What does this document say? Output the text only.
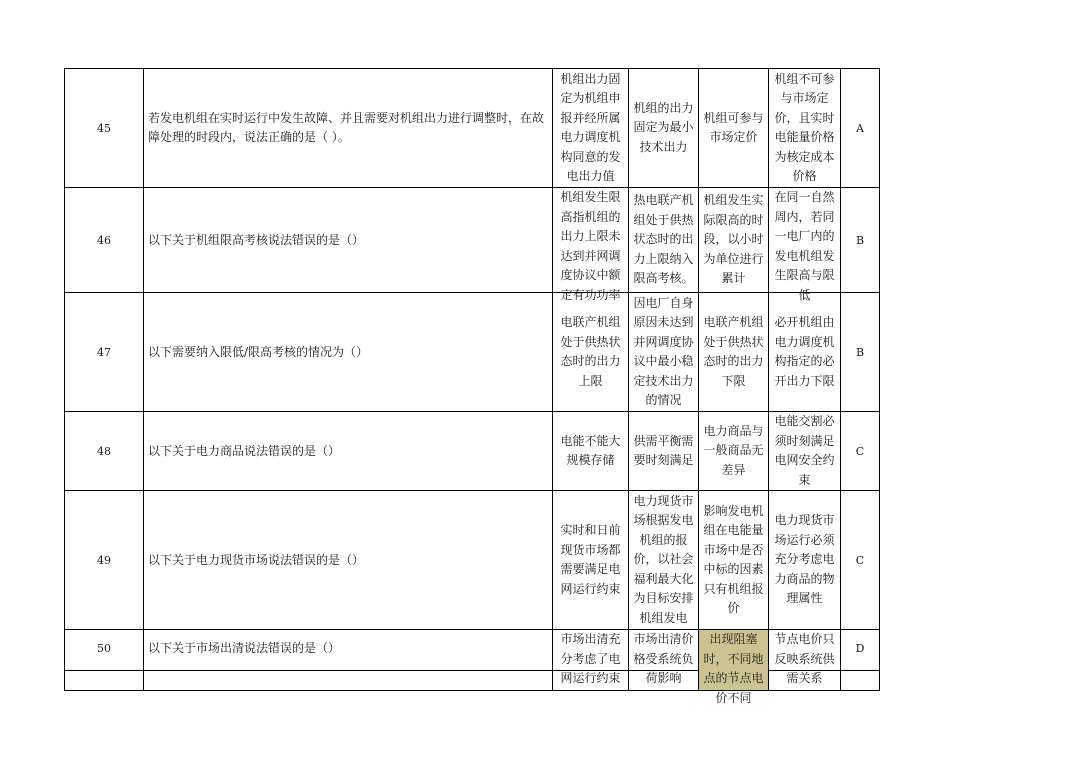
45	若发电机组在实时运行中发生故障、并且需要对机组出力进行调整时，在故障处理的时段内，说法正确的是（ ）。	机组出力固定为机组申报并经所属电力调度机构同意的发电出力值	机组的出力固定为最小技术出力	机组可参与市场定价	机组不可参与市场定价，且实时电能量价格为核定成本价格	A
46	以下关于机组限高考核说法错误的是（）	机组发生限高指机组的出力上限未达到并网调度协议中额定有功功率	热电联产机组处于供热状态时的出力上限纳入限高考核。	机组发生实际限高的时段，以小时为单位进行累计	在同一自然周内，若同一电厂内的发电机组发生限高与限低	B
47	以下需要纳入限低/限高考核的情况为（）	电联产机组处于供热状态时的出力上限	因电厂自身原因未达到并网调度协议中最小稳定技术出力的情况	电联产机组处于供热状态时的出力下限	必开机组由电力调度机构指定的必开出力下限	B
48	以下关于电力商品说法错误的是（）	电能不能大规模存储	供需平衡需要时刻满足	电力商品与一般商品无差异	电能交割必须时刻满足电网安全约束	C
49	以下关于电力现货市场说法错误的是（）	实时和日前现货市场都需要满足电网运行约束	电力现货市场根据发电机组的报价，以社会福利最大化为目标安排机组发电	影响发电机组在电能量市场中是否中标的因素只有机组报价	电力现货市场运行必须充分考虑电力商品的物理属性	C
50	以下关于市场出清说法错误的是（）	市场出清充分考虑了电网运行约束	市场出清价格受系统负荷影响	出现阻塞时，不同地点的节点电价不同	节点电价只反映系统供需关系	D
